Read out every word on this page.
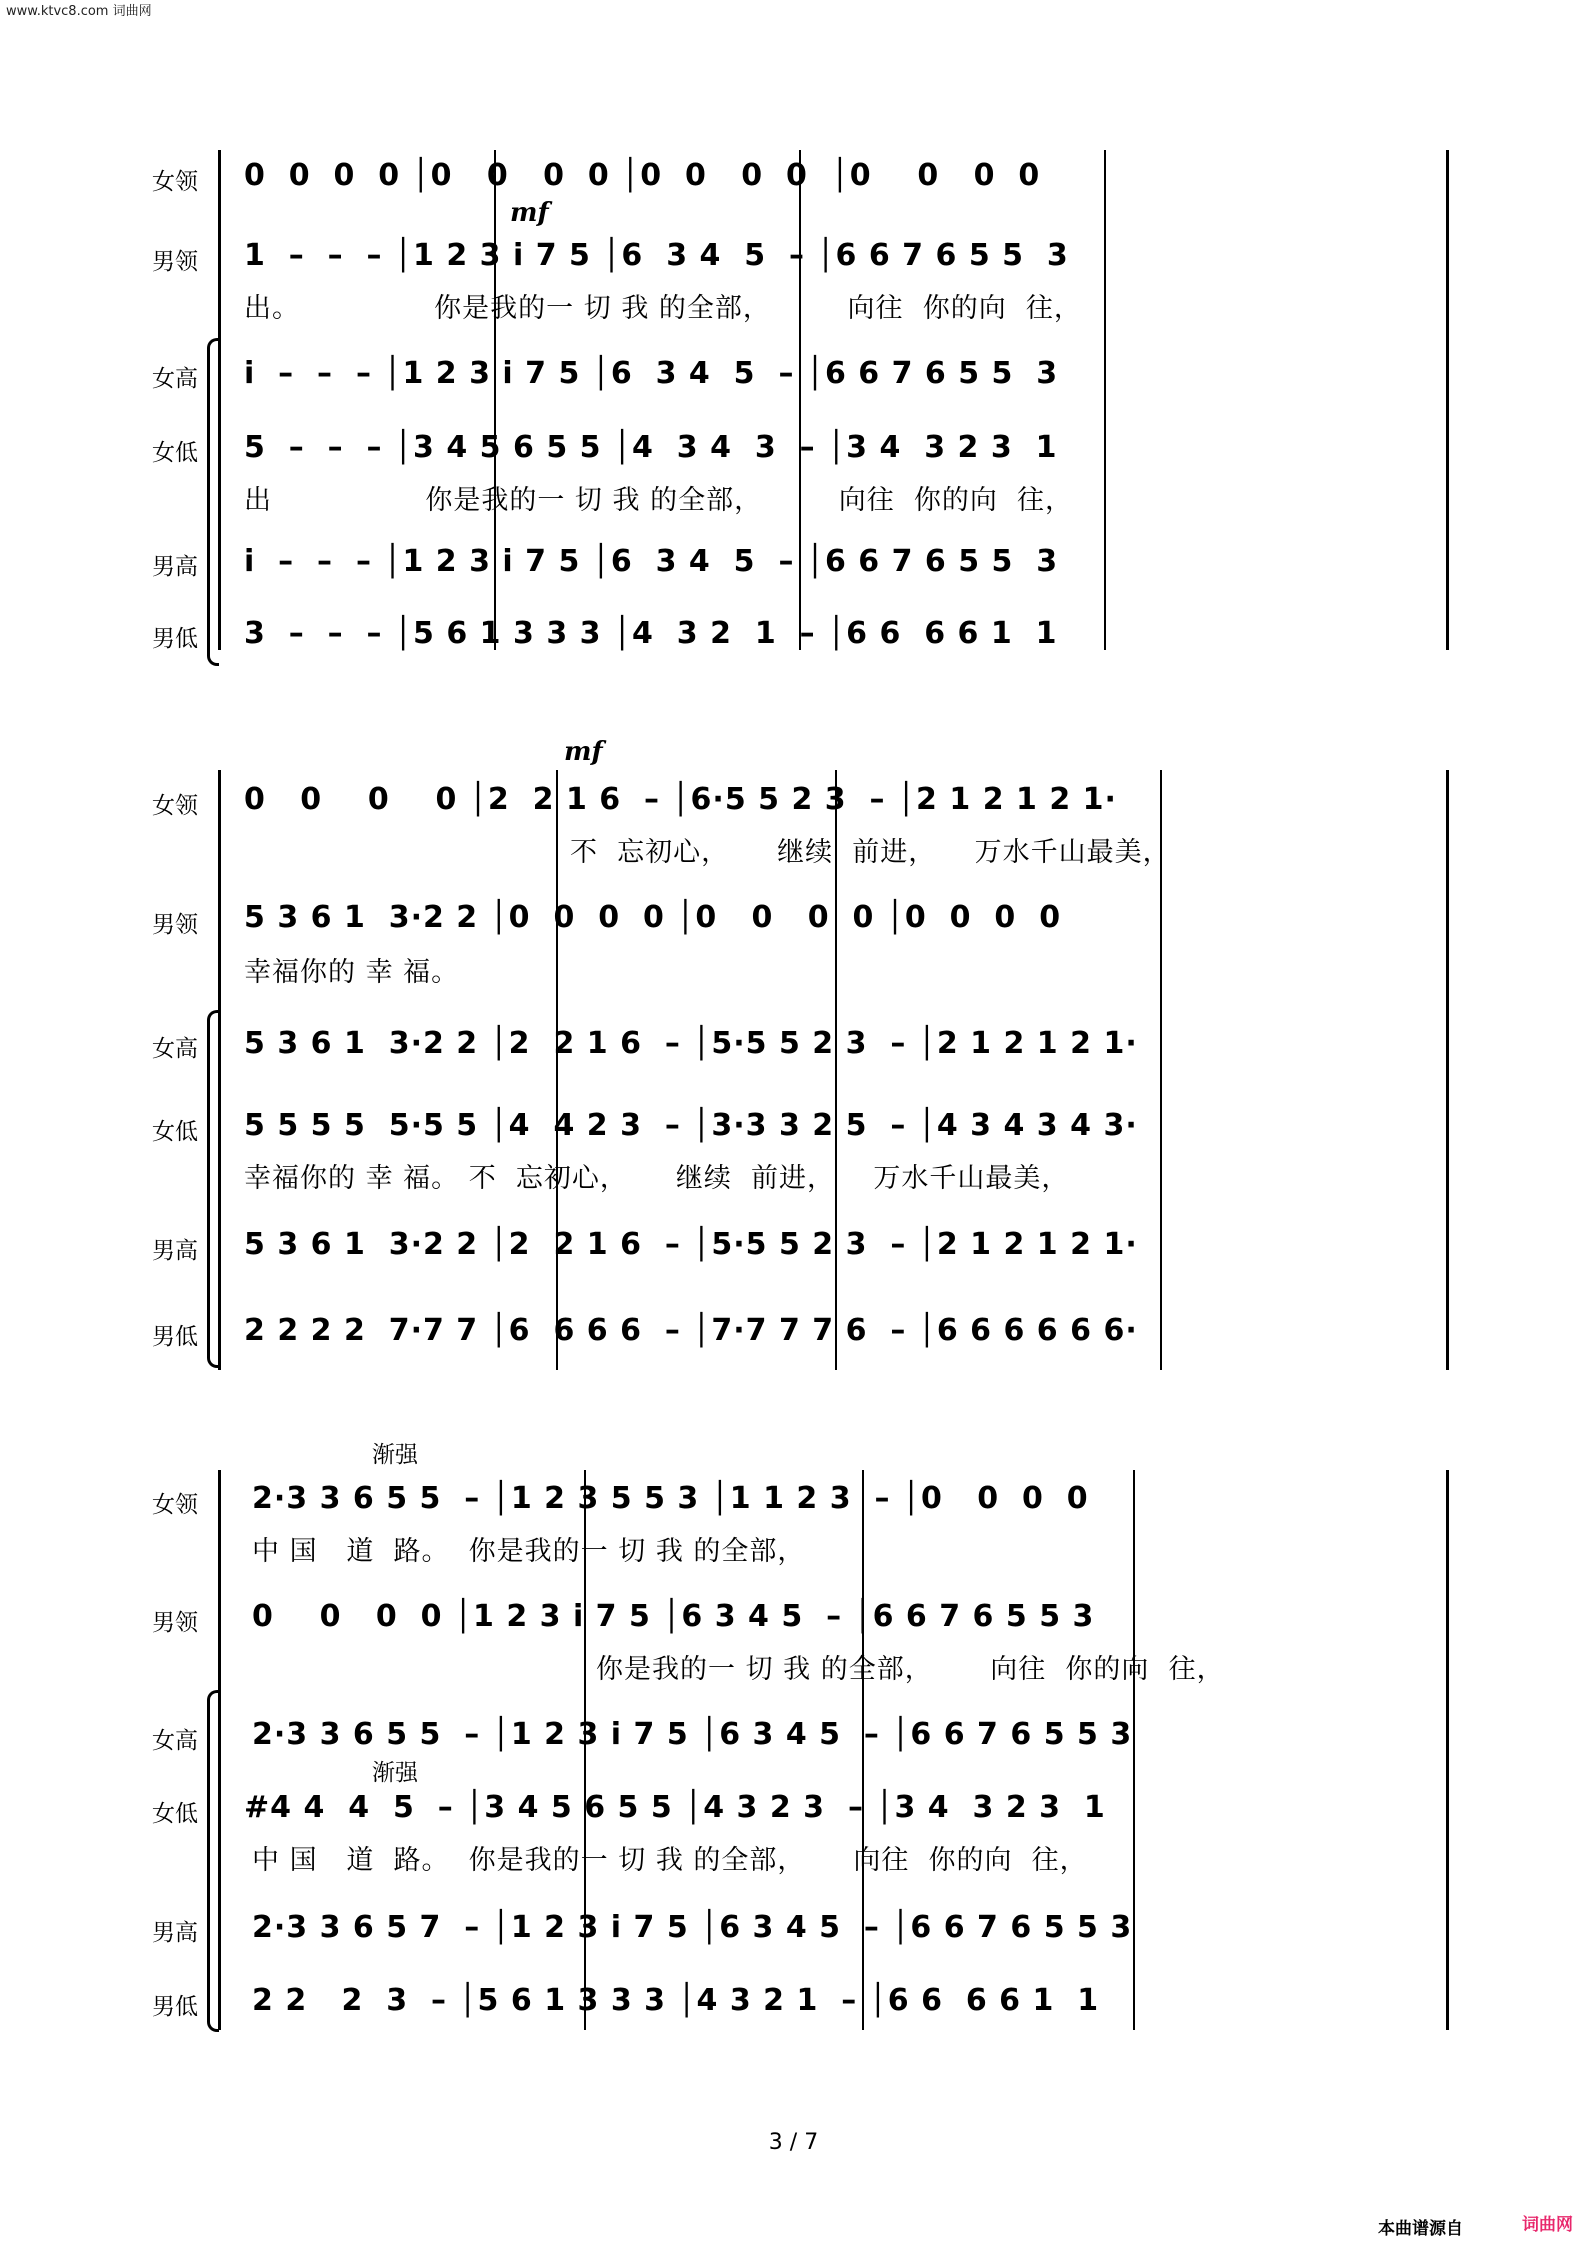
www.ktvc8.com 词曲网
3 / 7
本曲谱源自	词曲网
女领
男领
女高
女低
男高
男低
mf
0  0  0  0 │0   0   0  0 │0  0   0  0  │0    0   0  0
1  –  –  – │1 2 3 i 7 5 │6  3 4  5  – │6 6 7 6 5 5  3
出。              你是我的一 切 我 的全部，        向往  你的向  往，
i  –  –  – │1 2 3 i 7 5 │6  3 4  5  – │6 6 7 6 5 5  3
5  –  –  – │3 4 5 6 5 5 │4  3 4  3  – │3 4  3 2 3  1
出                你是我的一 切 我 的全部，        向往  你的向  往，
i  –  –  – │1 2 3 i 7 5 │6  3 4  5  – │6 6 7 6 5 5  3
3  –  –  – │5 6 1 3 3 3 │4  3 2  1  – │6 6  6 6 1  1
女领
男领
女高
女低
男高
男低
mf
0   0    0    0 │2  2 1 6  – │6·5 5 2 3  – │2 1 2 1 2 1·
不  忘初心，     继续  前进，    万水千山最美，
5 3 6 1  3·2 2 │0  0  0  0 │0   0   0  0 │0  0  0  0
幸福你的 幸 福。
5 3 6 1  3·2 2 │2  2 1 6  – │5·5 5 2 3  – │2 1 2 1 2 1·
5 5 5 5  5·5 5 │4  4 2 3  – │3·3 3 2 5  – │4 3 4 3 4 3·
幸福你的 幸 福。 不  忘初心，     继续  前进，    万水千山最美，
5 3 6 1  3·2 2 │2  2 1 6  – │5·5 5 2 3  – │2 1 2 1 2 1·
2 2 2 2  7·7 7 │6  6 6 6  – │7·7 7 7 6  – │6 6 6 6 6 6·
女领
男领
女高
女低
男高
男低
渐强
渐强
2·3 3 6 5 5  – │1 2 3 5 5 3 │1 1 2 3  – │0   0  0  0
中 国   道  路。  你是我的一 切 我 的全部，
0    0   0  0 │1 2 3 i 7 5 │6 3 4 5  – │6 6 7 6 5 5 3
你是我的一 切 我 的全部，      向往  你的向  往，
2·3 3 6 5 5  – │1 2 3 i 7 5 │6 3 4 5  – │6 6 7 6 5 5 3
#4 4  4  5  – │3 4 5 6 5 5 │4 3 2 3  – │3 4  3 2 3  1
中 国   道  路。  你是我的一 切 我 的全部，     向往  你的向  往，
2·3 3 6 5 7  – │1 2 3 i 7 5 │6 3 4 5  – │6 6 7 6 5 5 3
2 2   2  3  – │5 6 1 3 3 3 │4 3 2 1  – │6 6  6 6 1  1
